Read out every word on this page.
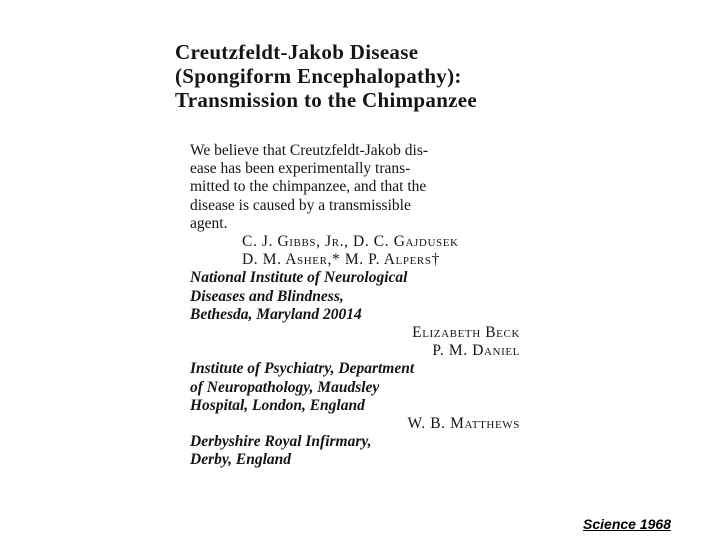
Creutzfeldt-Jakob Disease
(Spongiform Encephalopathy):
Transmission to the Chimpanzee
We believe that Creutzfeldt-Jakob dis-
ease has been experimentally trans-
mitted to the chimpanzee, and that the
disease is caused by a transmissible
agent.
C. J. Gibbs, Jr., D. C. Gajdusek
D. M. Asher,* M. P. Alpers†
National Institute of Neurological
Diseases and Blindness,
Bethesda, Maryland 20014
Elizabeth Beck
P. M. Daniel
Institute of Psychiatry, Department
of Neuropathology, Maudsley
Hospital, London, England
W. B. Matthews
Derbyshire Royal Infirmary,
Derby, England
Science 1968
